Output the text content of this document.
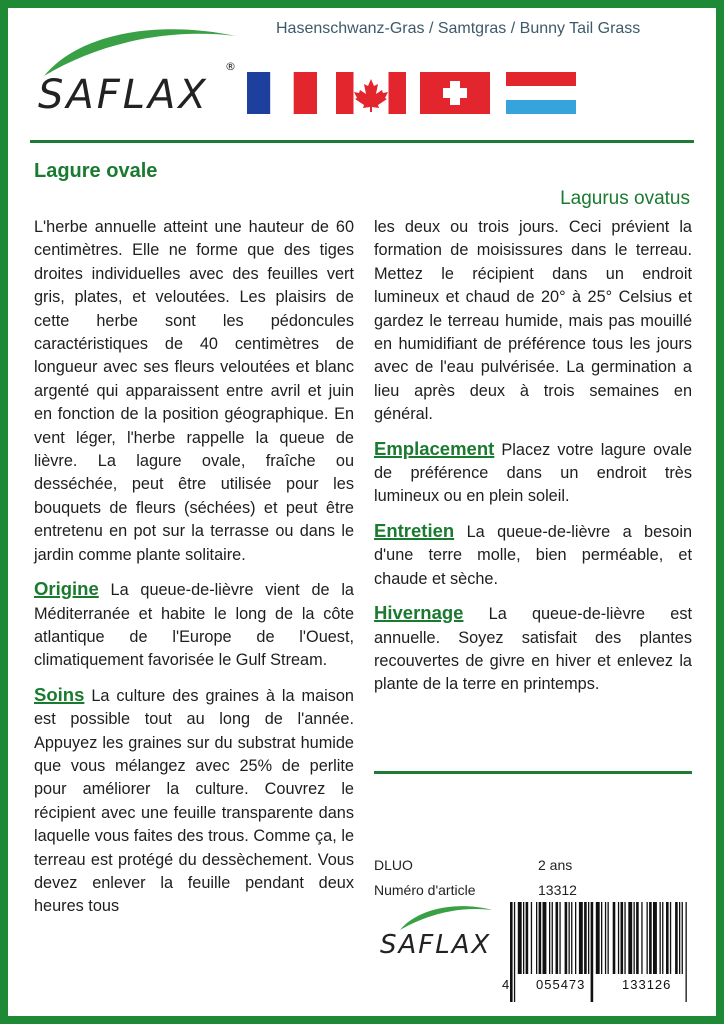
SAFLAX
®
Hasenschwanz-Gras / Samtgras / Bunny Tail Grass
Lagure ovale
Lagurus ovatus

L'herbe annuelle atteint une hauteur de 60 centimètres. Elle ne forme que des tiges droites individuelles avec des feuilles vert gris, plates, et veloutées. Les plaisirs de cette herbe sont les pédoncules caractéristiques de 40 centimètres de longueur avec ses fleurs veloutées et blanc argenté qui apparaissent entre avril et juin en fonction de la position géographique. En vent léger, l'herbe rappelle la queue de lièvre. La lagure ovale, fraîche ou desséchée, peut être utilisée pour les bouquets de fleurs (séchées) et peut être entretenu en pot sur la terrasse ou dans le jardin comme plante solitaire.

Origine La queue-de-lièvre vient de la Méditerranée et habite le long de la côte atlantique de l'Europe de l'Ouest, climatiquement favorisée le Gulf Stream.

Soins La culture des graines à la maison est possible tout au long de l'année. Appuyez les graines sur du substrat humide que vous mélangez avec 25% de perlite pour améliorer la culture. Couvrez le récipient avec une feuille transparente dans laquelle vous faites des trous. Comme ça, le terreau est protégé du dessèchement. Vous devez enlever la feuille pendant deux heures tous

les deux ou trois jours. Ceci prévient la formation de moisissures dans le terreau. Mettez le récipient dans un endroit lumineux et chaud de 20° à 25° Celsius et gardez le terreau humide, mais pas mouillé en humidifiant de préférence tous les jours avec de l'eau pulvérisée. La germination a lieu après deux à trois semaines en général.

Emplacement Placez votre lagure ovale de préférence dans un endroit très lumineux ou en plein soleil.

Entretien La queue-de-lièvre a besoin d'une terre molle, bien perméable, et chaude et sèche.

Hivernage La queue-de-lièvre est annuelle. Soyez satisfait des plantes recouvertes de givre en hiver et enlevez la plante de la terre en printemps.

DLUO	2 ans
Numéro d'article	13312
SAFLAX
4 055473	133126
